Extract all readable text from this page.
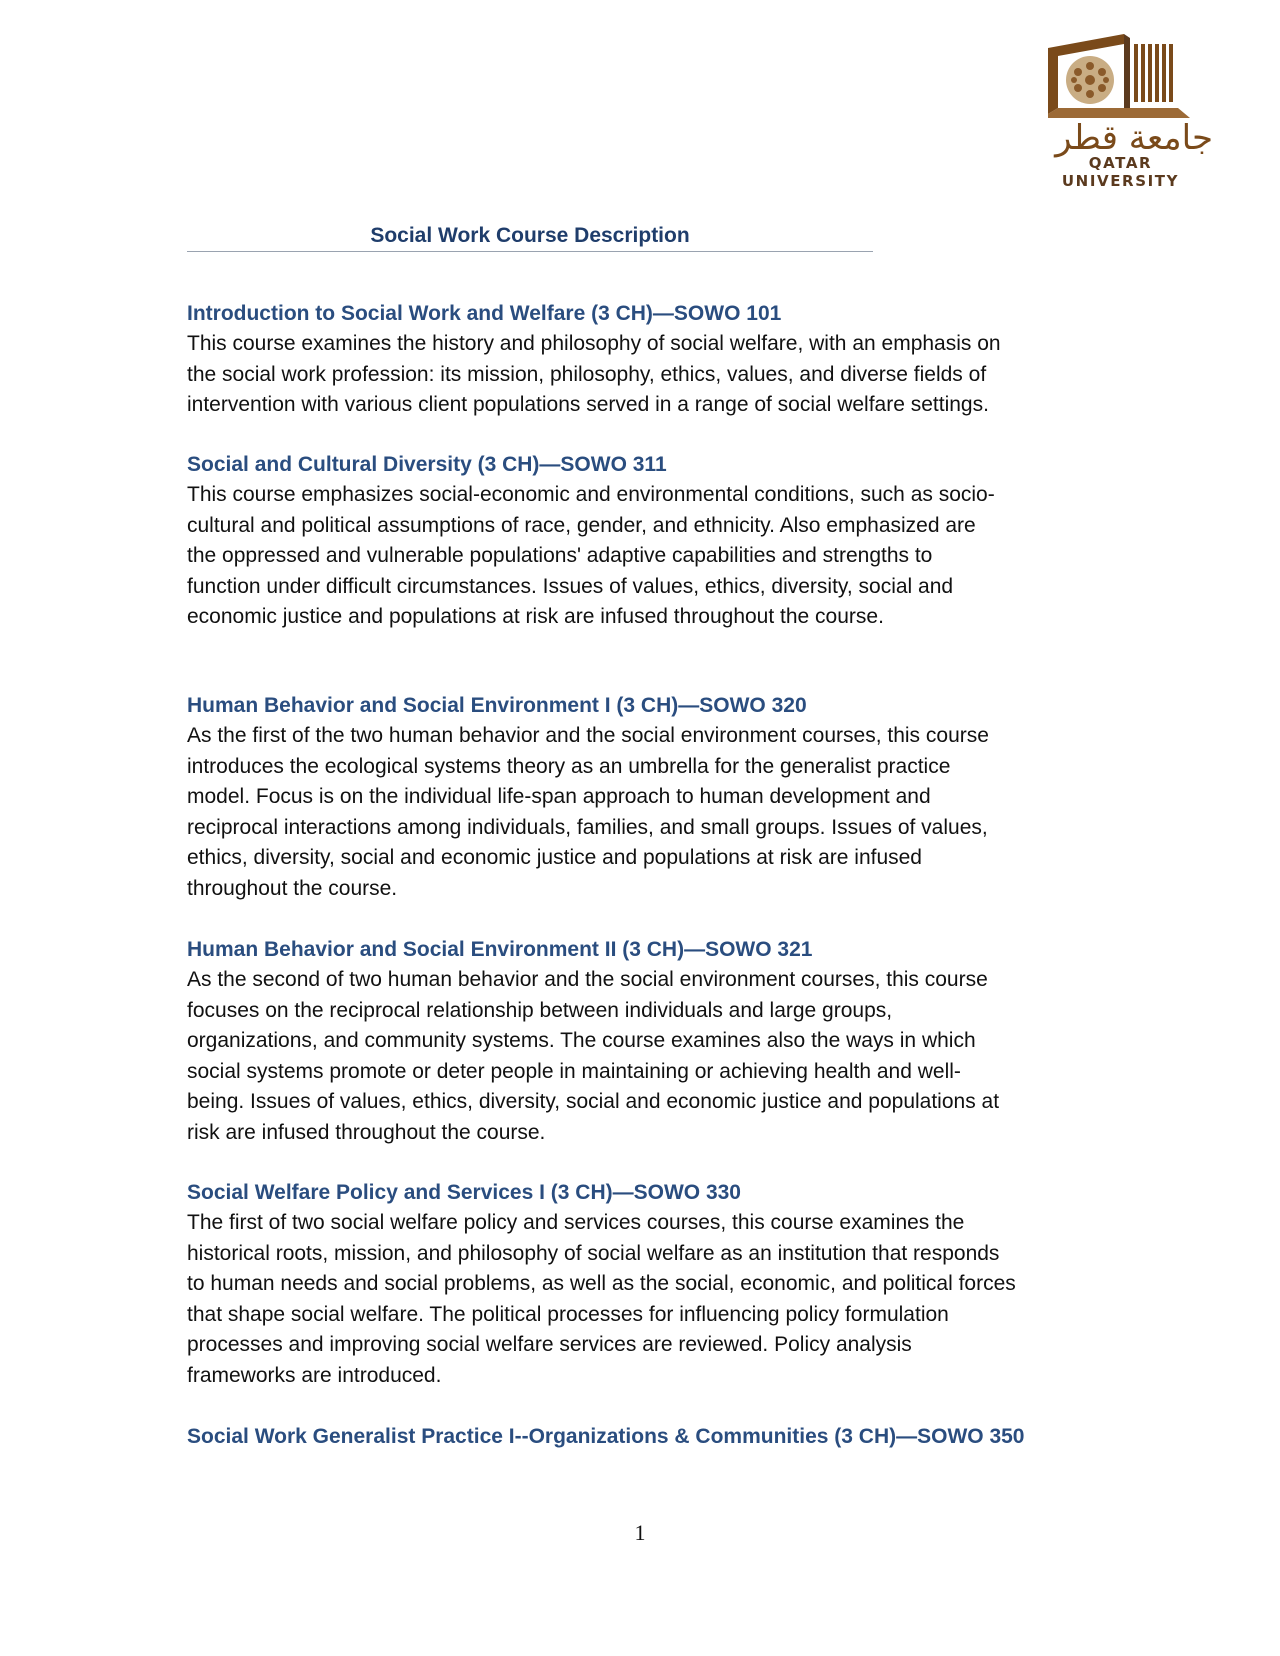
جامعة قطر
QATAR UNIVERSITY
Social Work Course Description
Introduction to Social Work and Welfare (3 CH)—SOWO 101

This course examines the history and philosophy of social welfare, with an emphasis on
the social work profession: its mission, philosophy, ethics, values, and diverse fields of
intervention with various client populations served in a range of social welfare settings.

Social and Cultural Diversity (3 CH)—SOWO 311

This course emphasizes social-economic and environmental conditions, such as socio-
cultural and political assumptions of race, gender, and ethnicity. Also emphasized are
the oppressed and vulnerable populations' adaptive capabilities and strengths to
function under difficult circumstances. Issues of values, ethics, diversity, social and
economic justice and populations at risk are infused throughout the course.

Human Behavior and Social Environment I (3 CH)—SOWO 320

As the first of the two human behavior and the social environment courses, this course
introduces the ecological systems theory as an umbrella for the generalist practice
model. Focus is on the individual life-span approach to human development and
reciprocal interactions among individuals, families, and small groups. Issues of values,
ethics, diversity, social and economic justice and populations at risk are infused
throughout the course.

Human Behavior and Social Environment II (3 CH)—SOWO 321

As the second of two human behavior and the social environment courses, this course
focuses on the reciprocal relationship between individuals and large groups,
organizations, and community systems. The course examines also the ways in which
social systems promote or deter people in maintaining or achieving health and well-
being. Issues of values, ethics, diversity, social and economic justice and populations at
risk are infused throughout the course.

Social Welfare Policy and Services I (3 CH)—SOWO 330

The first of two social welfare policy and services courses, this course examines the
historical roots, mission, and philosophy of social welfare as an institution that responds
to human needs and social problems, as well as the social, economic, and political forces
that shape social welfare. The political processes for influencing policy formulation
processes and improving social welfare services are reviewed. Policy analysis
frameworks are introduced.

Social Work Generalist Practice I--Organizations & Communities (3 CH)—SOWO 350
1
